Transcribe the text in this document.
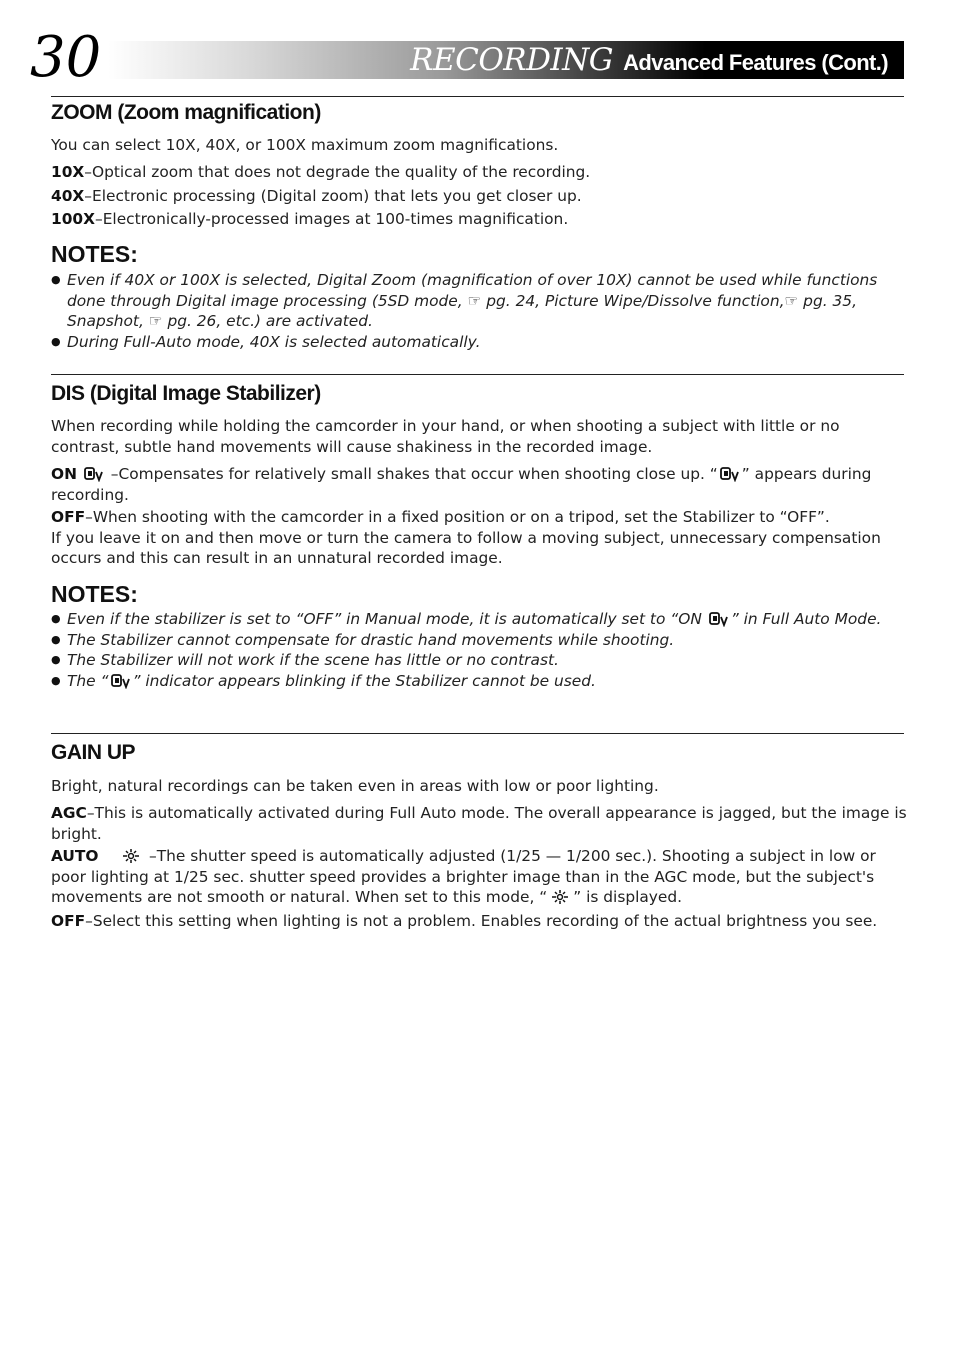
30	RECORDING Advanced Features (Cont.)
ZOOM (Zoom magnification)

You can select 10X, 40X, or 100X maximum zoom magnifications.

10X–Optical zoom that does not degrade the quality of the recording.

40X–Electronic processing (Digital zoom) that lets you get closer up.

100X–Electronically-processed images at 100-times magnification.

NOTES:
● Even if 40X or 100X is selected, Digital Zoom (magnification of over 10X) cannot be used while functions done through Digital image processing (5SD mode, ☞ pg. 24, Picture Wipe/Dissolve function,☞ pg. 35, Snapshot, ☞ pg. 26, etc.) are activated.
● During Full-Auto mode, 40X is selected automatically.
DIS (Digital Image Stabilizer)

When recording while holding the camcorder in your hand, or when shooting a subject with little or no contrast, subtle hand movements will cause shakiness in the recorded image.

ON  –Compensates for relatively small shakes that occur when shooting close up. “ ” appears during recording.

OFF–When shooting with the camcorder in a fixed position or on a tripod, set the Stabilizer to “OFF”.
If you leave it on and then move or turn the camera to follow a moving subject, unnecessary compensation occurs and this can result in an unnatural recorded image.

NOTES:
● Even if the stabilizer is set to “OFF” in Manual mode, it is automatically set to “ON ” in Full Auto Mode.
● The Stabilizer cannot compensate for drastic hand movements while shooting.
● The Stabilizer will not work if the scene has little or no contrast.
● The “ ” indicator appears blinking if the Stabilizer cannot be used.
GAIN UP

Bright, natural recordings can be taken even in areas with low or poor lighting.

AGC–This is automatically activated during Full Auto mode. The overall appearance is jagged, but the image is bright.

AUTO	–The shutter speed is automatically adjusted (1/25 — 1/200 sec.). Shooting a subject in low or poor lighting at 1/25 sec. shutter speed provides a brighter image than in the AGC mode, but the subject's movements are not smooth or natural. When set to this mode, “ ” is displayed.

OFF–Select this setting when lighting is not a problem. Enables recording of the actual brightness you see.
